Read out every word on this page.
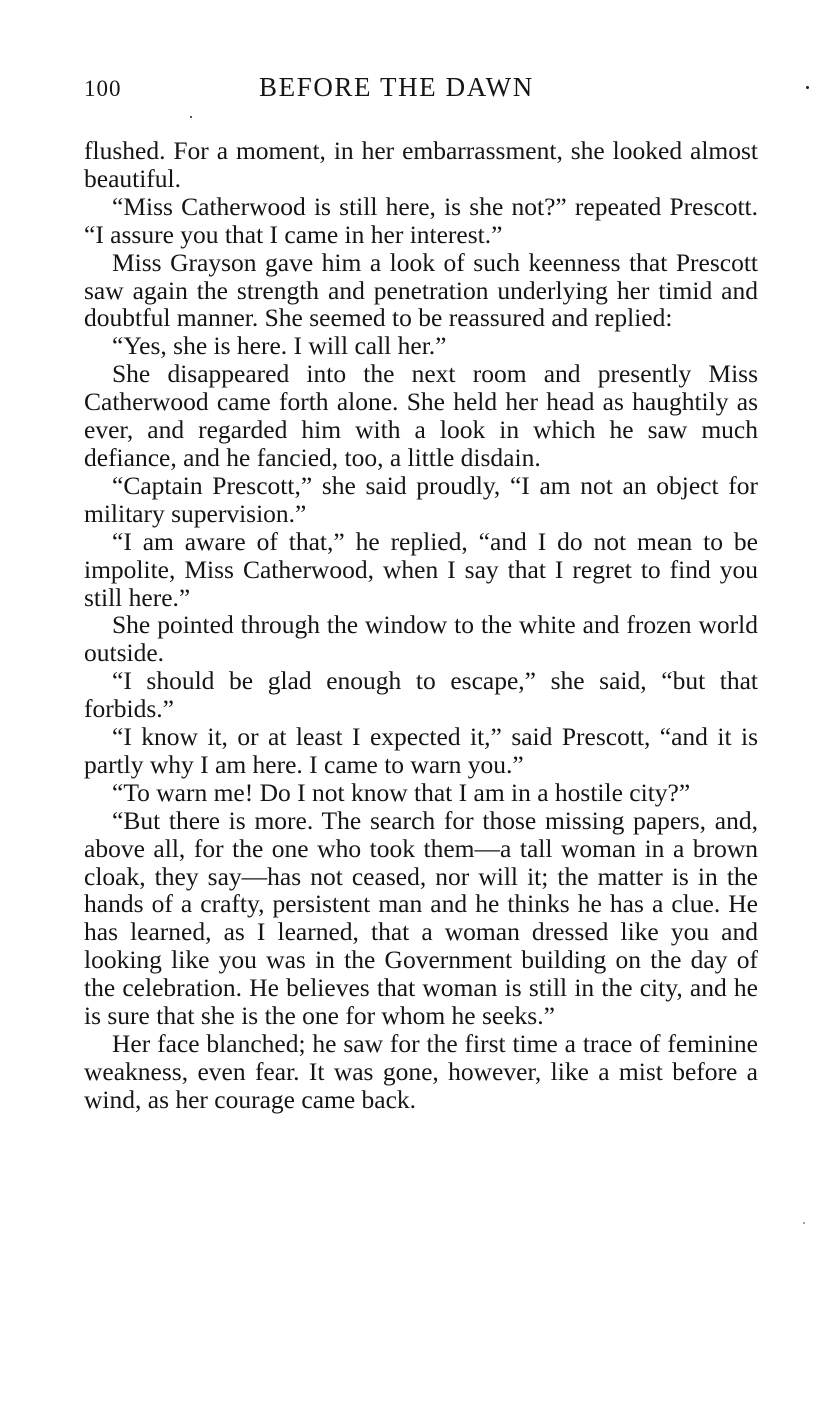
100	BEFORE THE DAWN

flushed. For a moment, in her embarrassment, she looked almost beautiful.

“Miss Catherwood is still here, is she not?” repeated Prescott. “I assure you that I came in her interest.”

Miss Grayson gave him a look of such keenness that Prescott saw again the strength and penetration underlying her timid and doubtful manner. She seemed to be reassured and replied:

“Yes, she is here. I will call her.”

She disappeared into the next room and presently Miss Catherwood came forth alone. She held her head as haughtily as ever, and regarded him with a look in which he saw much defiance, and he fancied, too, a little disdain.

“Captain Prescott,” she said proudly, “I am not an object for military supervision.”

“I am aware of that,” he replied, “and I do not mean to be impolite, Miss Catherwood, when I say that I regret to find you still here.”

She pointed through the window to the white and frozen world outside.

“I should be glad enough to escape,” she said, “but that forbids.”

“I know it, or at least I expected it,” said Prescott, “and it is partly why I am here. I came to warn you.”

“To warn me! Do I not know that I am in a hostile city?”

“But there is more. The search for those missing papers, and, above all, for the one who took them—a tall woman in a brown cloak, they say—has not ceased, nor will it; the matter is in the hands of a crafty, persistent man and he thinks he has a clue. He has learned, as I learned, that a woman dressed like you and looking like you was in the Government building on the day of the celebration. He believes that woman is still in the city, and he is sure that she is the one for whom he seeks.”

Her face blanched; he saw for the first time a trace of feminine weakness, even fear. It was gone, however, like a mist before a wind, as her courage came back.
